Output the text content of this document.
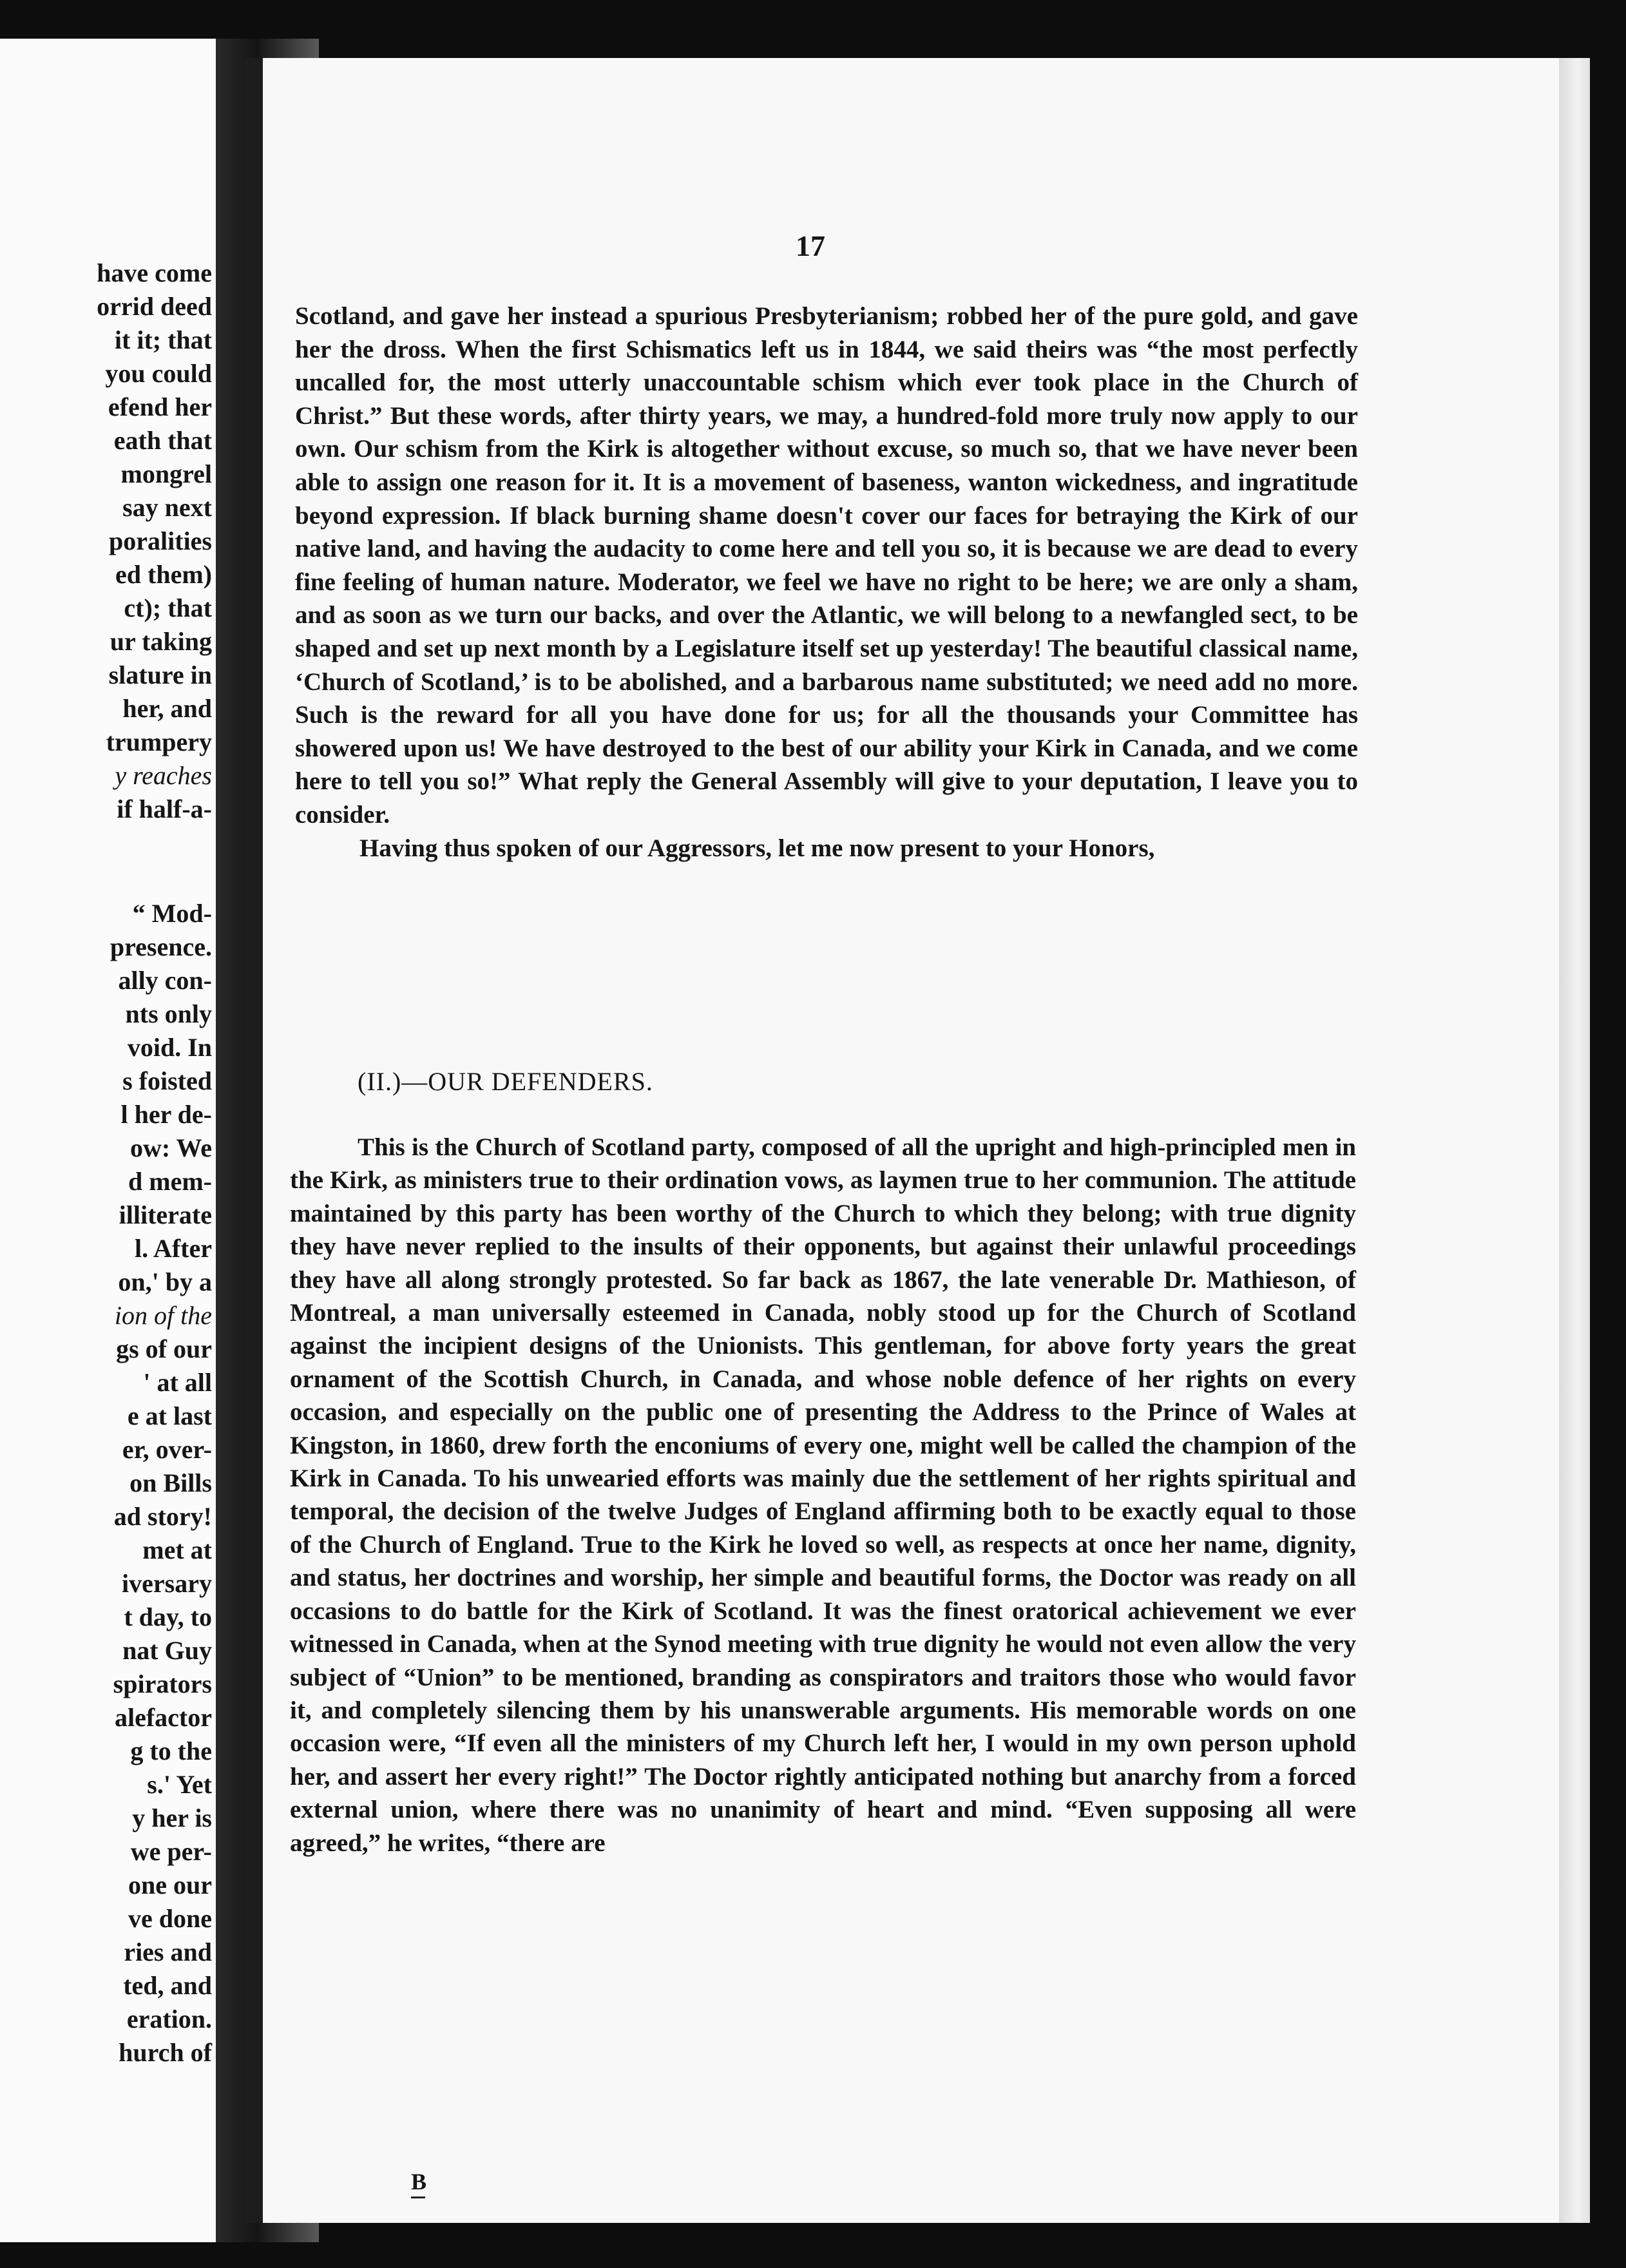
have come
orrid deed
it it; that
you could
efend her
eath that
mongrel
say next
poralities
ed them)
ct); that
ur taking
slature in
her, and
trumpery
y reaches
if half-a-
“ Mod-
presence.
ally con-
nts only
void. In
s foisted
l her de-
ow: We
d mem-
illiterate
l. After
on,' by a
ion of the
gs of our
' at all
e at last
er, over-
on Bills
ad story!
met at
iversary
t day, to
nat Guy
spirators
alefactor
g to the
s.' Yet
y her is
we per-
one our
ve done
ries and
ted, and
eration.
hurch of
17

Scotland, and gave her instead a spurious Presbyterianism; robbed her of the pure gold, and gave her the dross. When the first Schismatics left us in 1844, we said theirs was “the most perfectly uncalled for, the most utterly unaccountable schism which ever took place in the Church of Christ.” But these words, after thirty years, we may, a hundred-fold more truly now apply to our own. Our schism from the Kirk is altogether without excuse, so much so, that we have never been able to assign one reason for it. It is a movement of baseness, wanton wickedness, and ingratitude beyond expression. If black burning shame doesn't cover our faces for betraying the Kirk of our native land, and having the audacity to come here and tell you so, it is because we are dead to every fine feeling of human nature. Moderator, we feel we have no right to be here; we are only a sham, and as soon as we turn our backs, and over the Atlantic, we will belong to a newfangled sect, to be shaped and set up next month by a Legislature itself set up yesterday! The beautiful classical name, ‘Church of Scotland,’ is to be abolished, and a barbarous name substituted; we need add no more. Such is the reward for all you have done for us; for all the thousands your Committee has showered upon us! We have destroyed to the best of our ability your Kirk in Canada, and we come here to tell you so!” What reply the General Assembly will give to your deputation, I leave you to consider.

Having thus spoken of our Aggressors, let me now present to your Honors,

(II.)—OUR DEFENDERS.

This is the Church of Scotland party, composed of all the upright and high-principled men in the Kirk, as ministers true to their ordination vows, as laymen true to her communion. The attitude maintained by this party has been worthy of the Church to which they belong; with true dignity they have never replied to the insults of their opponents, but against their unlawful proceedings they have all along strongly protested. So far back as 1867, the late venerable Dr. Mathieson, of Montreal, a man universally esteemed in Canada, nobly stood up for the Church of Scotland against the incipient designs of the Unionists. This gentleman, for above forty years the great ornament of the Scottish Church, in Canada, and whose noble defence of her rights on every occasion, and especially on the public one of presenting the Address to the Prince of Wales at Kingston, in 1860, drew forth the enconiums of every one, might well be called the champion of the Kirk in Canada. To his unwearied efforts was mainly due the settlement of her rights spiritual and temporal, the decision of the twelve Judges of England affirming both to be exactly equal to those of the Church of England. True to the Kirk he loved so well, as respects at once her name, dignity, and status, her doctrines and worship, her simple and beautiful forms, the Doctor was ready on all occasions to do battle for the Kirk of Scotland. It was the finest oratorical achievement we ever witnessed in Canada, when at the Synod meeting with true dignity he would not even allow the very subject of “Union” to be mentioned, branding as conspirators and traitors those who would favor it, and completely silencing them by his unanswerable arguments. His memorable words on one occasion were, “If even all the ministers of my Church left her, I would in my own person uphold her, and assert her every right!” The Doctor rightly anticipated nothing but anarchy from a forced external union, where there was no unanimity of heart and mind. “Even supposing all were agreed,” he writes, “there are

B
